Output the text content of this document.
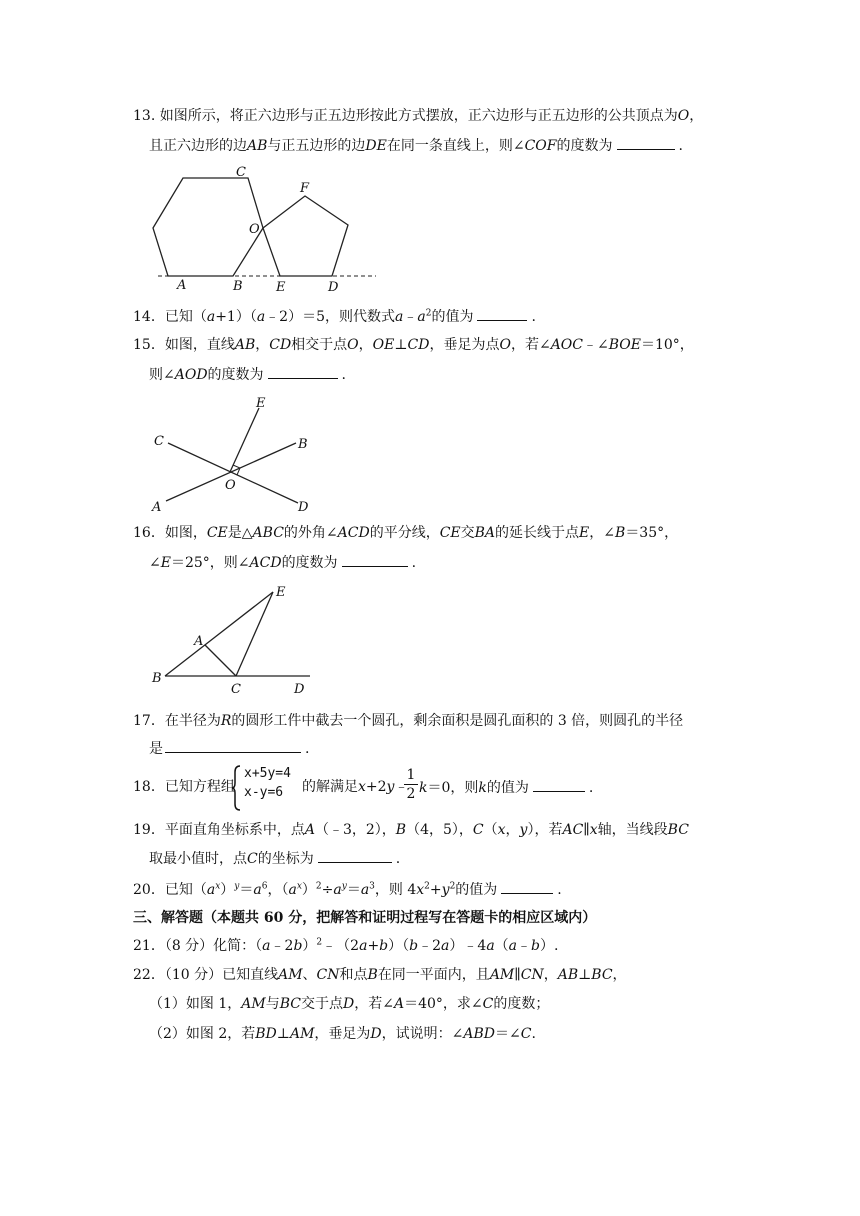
13. 如图所示，将正六边形与正五边形按此方式摆放，正六边形与正五边形的公共顶点为O，
且正六边形的边AB与正五边形的边DE在同一条直线上，则∠COF的度数为	.
C
F
O
A	B	E	D
14．已知（a+1）（a﹣2）＝5，则代数式$a﹣a^2$的值为	.
15．如图，直线AB，CD相交于点O，OE⊥CD，垂足为点O，若∠AOC﹣∠BOE＝10°，
则∠AOD的度数为	.
E
C	B
O
A	D
16．如图，CE是△ABC的外角∠ACD的平分线，CE交BA的延长线于点E，∠B＝35°，
∠E＝25°，则∠ACD的度数为	.
E
A
B
C	D
17．在半径为R的圆形工件中截去一个圆孔，剩余面积是圆孔面积的 3 倍，则圆孔的半径
是	.
18．已知方程组
x+5y=4
x-y=6	的解满足x+2y﹣
$\frac{1}{2} k=0$，则k的值为	.
19．平面直角坐标系中，点A（﹣3，2），B（4，5），C（x，y），若AC∥x轴，当线段BC
取最小值时，点C的坐标为	.
20．已知$(a^x)^y=a^6$，$(a^x)^2\div a^y=a^3$，则 $4x^2+y^2$的值为	.
三、解答题（本题共 60 分，把解答和证明过程写在答题卡的相应区域内）
21．（8 分）化简：（a﹣2b）$^2$﹣（2a+b）（b﹣2a）﹣4a（a﹣b）.
22．（10 分）已知直线AM、CN和点B在同一平面内，且AM∥CN，AB⊥BC，
（1）如图 1，AM与BC交于点D，若∠A＝40°，求∠C的度数；
（2）如图 2，若BD⊥AM，垂足为D，试说明：∠ABD＝∠C.
